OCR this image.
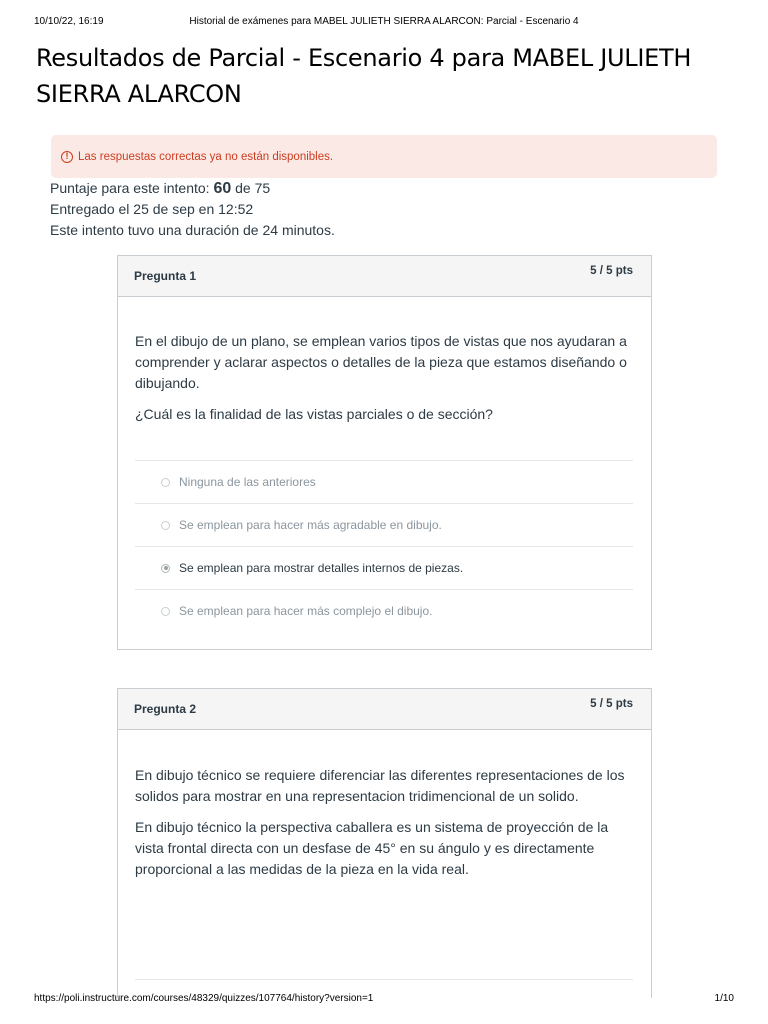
10/10/22, 16:19	Historial de exámenes para MABEL JULIETH SIERRA ALARCON: Parcial - Escenario 4
Resultados de Parcial - Escenario 4 para MABEL JULIETH SIERRA ALARCON
! Las respuestas correctas ya no están disponibles.
Puntaje para este intento: 60 de 75
Entregado el 25 de sep en 12:52
Este intento tuvo una duración de 24 minutos.
Pregunta 1	5 / 5 pts

En el dibujo de un plano, se emplean varios tipos de vistas que nos ayudaran a comprender y aclarar aspectos o detalles de la pieza que estamos diseñando o dibujando.

¿Cuál es la finalidad de las vistas parciales o de sección?

Ninguna de las anteriores
Se emplean para hacer más agradable en dibujo.
Se emplean para mostrar detalles internos de piezas.
Se emplean para hacer más complejo el dibujo.
Pregunta 2	5 / 5 pts

En dibujo técnico se requiere diferenciar las diferentes representaciones de los solidos para mostrar en una representacion tridimencional de un solido.

En dibujo técnico la perspectiva caballera es un sistema de proyección de la vista frontal directa con un desfase de 45° en su ángulo y es directamente proporcional a las medidas de la pieza en la vida real.

https://poli.instructure.com/courses/48329/quizzes/107764/history?version=1	1/10
